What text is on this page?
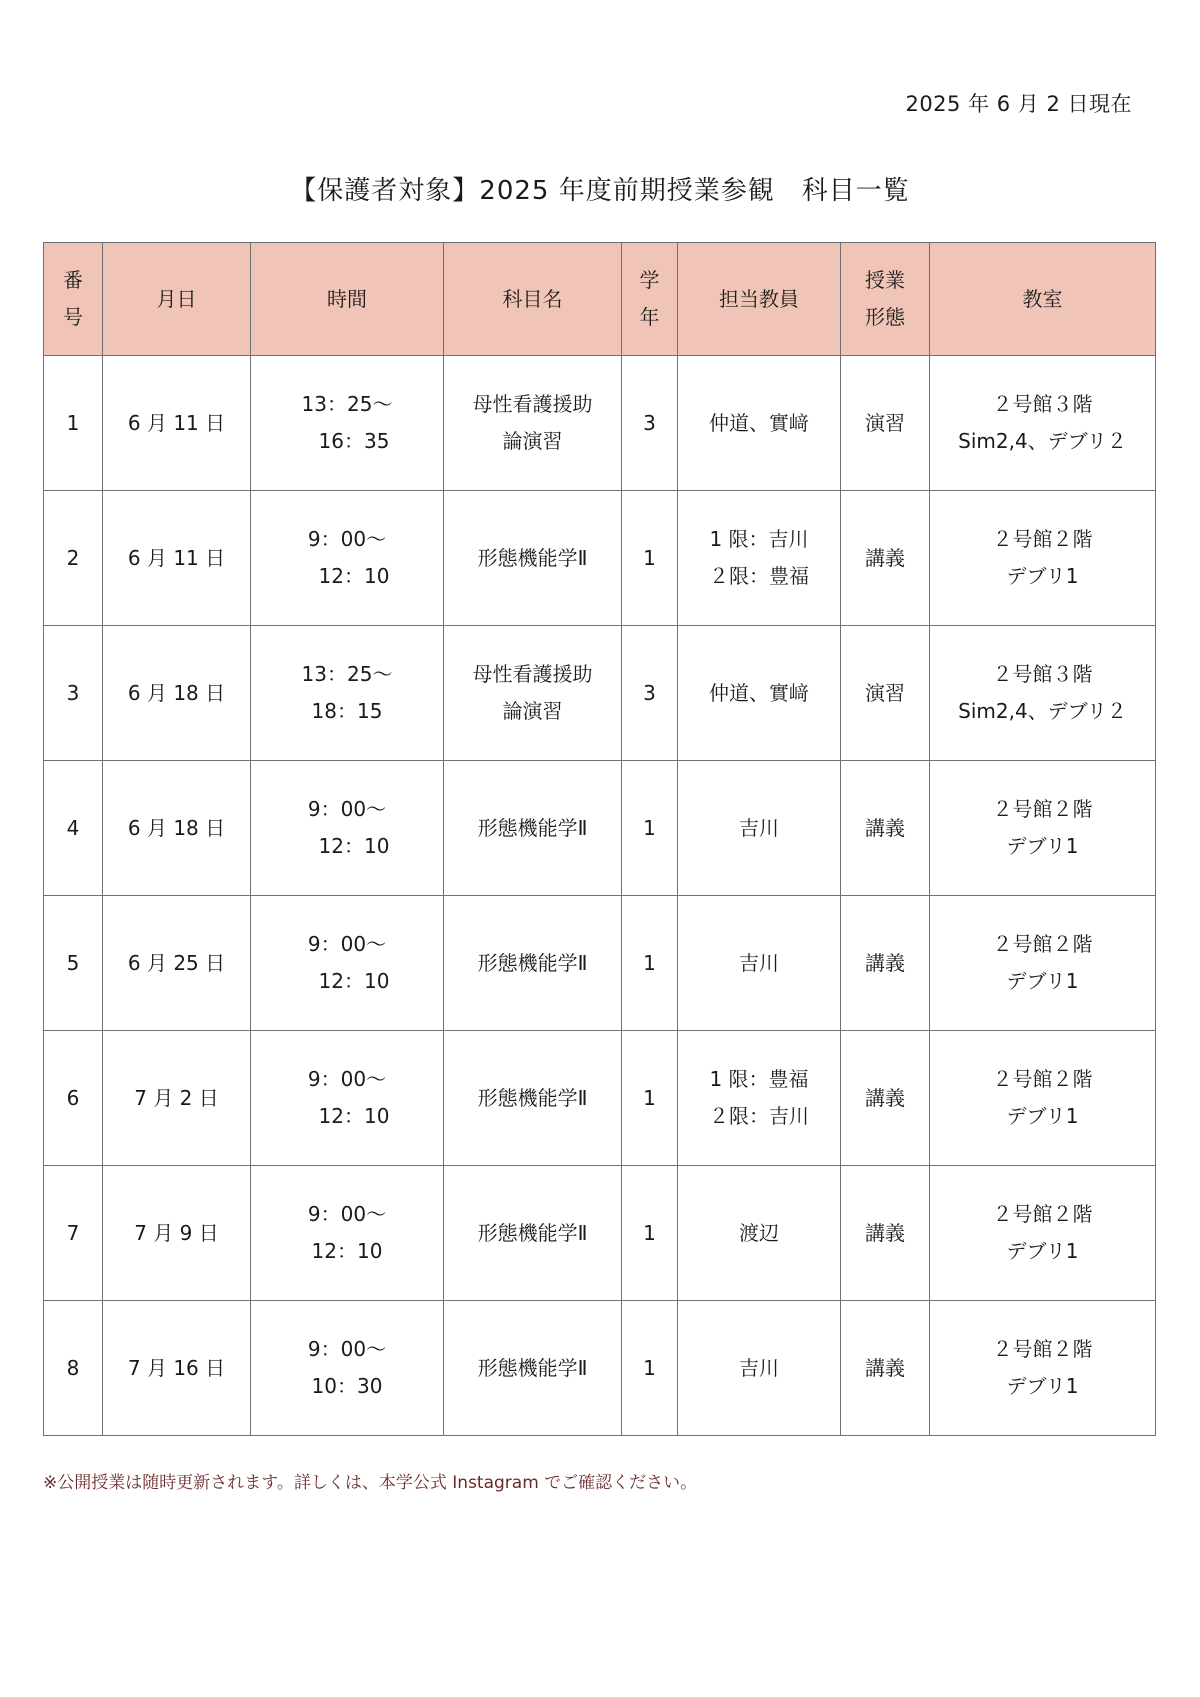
2025 年 6 月 2 日現在
【保護者対象】2025 年度前期授業参観　科目一覧
番
号	月日	時間	科目名	学
年	担当教員	授業
形態	教室

1	6 月 11 日	13：25～
16：35	母性看護援助
論演習	3	仲道、實﨑	演習	２号館３階
Sim2,4、デブリ２

2	6 月 11 日	9：00～
12：10	形態機能学Ⅱ	1	1 限：吉川
２限：豊福	講義	２号館２階
デブリ1

3	6 月 18 日	13：25～
18：15	母性看護援助
論演習	3	仲道、實﨑	演習	２号館３階
Sim2,4、デブリ２

4	6 月 18 日	9：00～
12：10	形態機能学Ⅱ	1	吉川	講義	２号館２階
デブリ1

5	6 月 25 日	9：00～
12：10	形態機能学Ⅱ	1	吉川	講義	２号館２階
デブリ1

6	7 月 2 日	9：00～
12：10	形態機能学Ⅱ	1	1 限：豊福
２限：吉川	講義	２号館２階
デブリ1

7	7 月 9 日	9：00～
12：10	形態機能学Ⅱ	1	渡辺	講義	２号館２階
デブリ1

8	7 月 16 日	9：00～
10：30	形態機能学Ⅱ	1	吉川	講義	２号館２階
デブリ1
※公開授業は随時更新されます。詳しくは、本学公式 Instagram でご確認ください。
